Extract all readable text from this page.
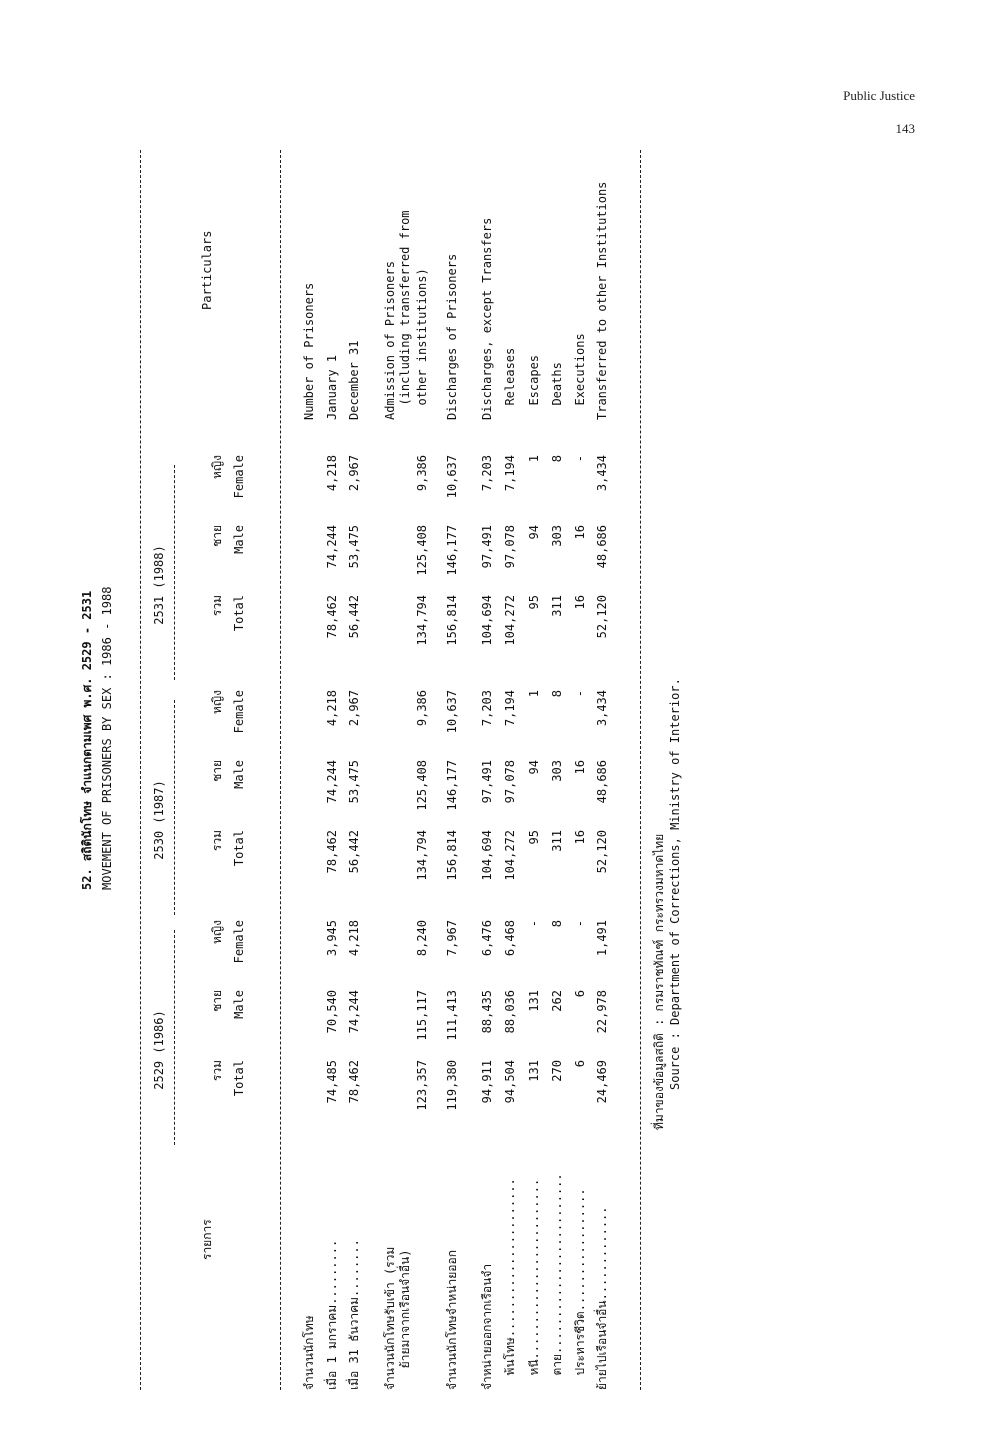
Public Justice
143
52. สถิตินักโทษ จำแนกตามเพศ พ.ศ. 2529 - 2531 MOVEMENT OF PRISONERS BY SEX : 1986 - 1988
รายการ
Particulars
2529 (1986)
2530 (1987)
2531 (1988)
รวม Total
ชาย Male
หญิง Female
รวม Total
ชาย Male
หญิง Female
รวม Total
ชาย Male
หญิง Female
จำนวนนักโทษ
Number of Prisoners
เมื่อ 1 มกราคม.........
January 1
74,485
70,540
3,945
78,462
74,244
4,218
78,462
74,244
4,218
เมื่อ 31 ธันวาคม........
December 31
78,462
74,244
4,218
56,442
53,475
2,967
56,442
53,475
2,967
จำนวนนักโทษรับเข้า (รวม
Admission of Prisoners
ย้ายมาจากเรือนจำอื่น)
(including transferred from other institutions)
123,357
115,117
8,240
134,794
125,408
9,386
134,794
125,408
9,386
จำนวนนักโทษจำหน่ายออก
Discharges of Prisoners
119,380
111,413
7,967
156,814
146,177
10,637
156,814
146,177
10,637
จำหน่ายออกจากเรือนจำ
Discharges, except Transfers
94,911
88,435
6,476
104,694
97,491
7,203
104,694
97,491
7,203
พ้นโทษ......................
Releases
94,504
88,036
6,468
104,272
97,078
7,194
104,272
97,078
7,194
หนี.........................
Escapes
131
131
-
95
94
1
95
94
1
ตาย.........................
Deaths
270
262
8
311
303
8
311
303
8
ประหารชีวิต.................
Executions
6
6
-
16
16
-
16
16
-
ย้ายไปเรือนจำอื่น.............
Transferred to other Institutions
24,469
22,978
1,491
52,120
48,686
3,434
52,120
48,686
3,434
ที่มาของข้อมูลสถิติ : กรมราชทัณฑ์ กระทรวงมหาดไทย Source : Department of Corrections, Ministry of Interior.
